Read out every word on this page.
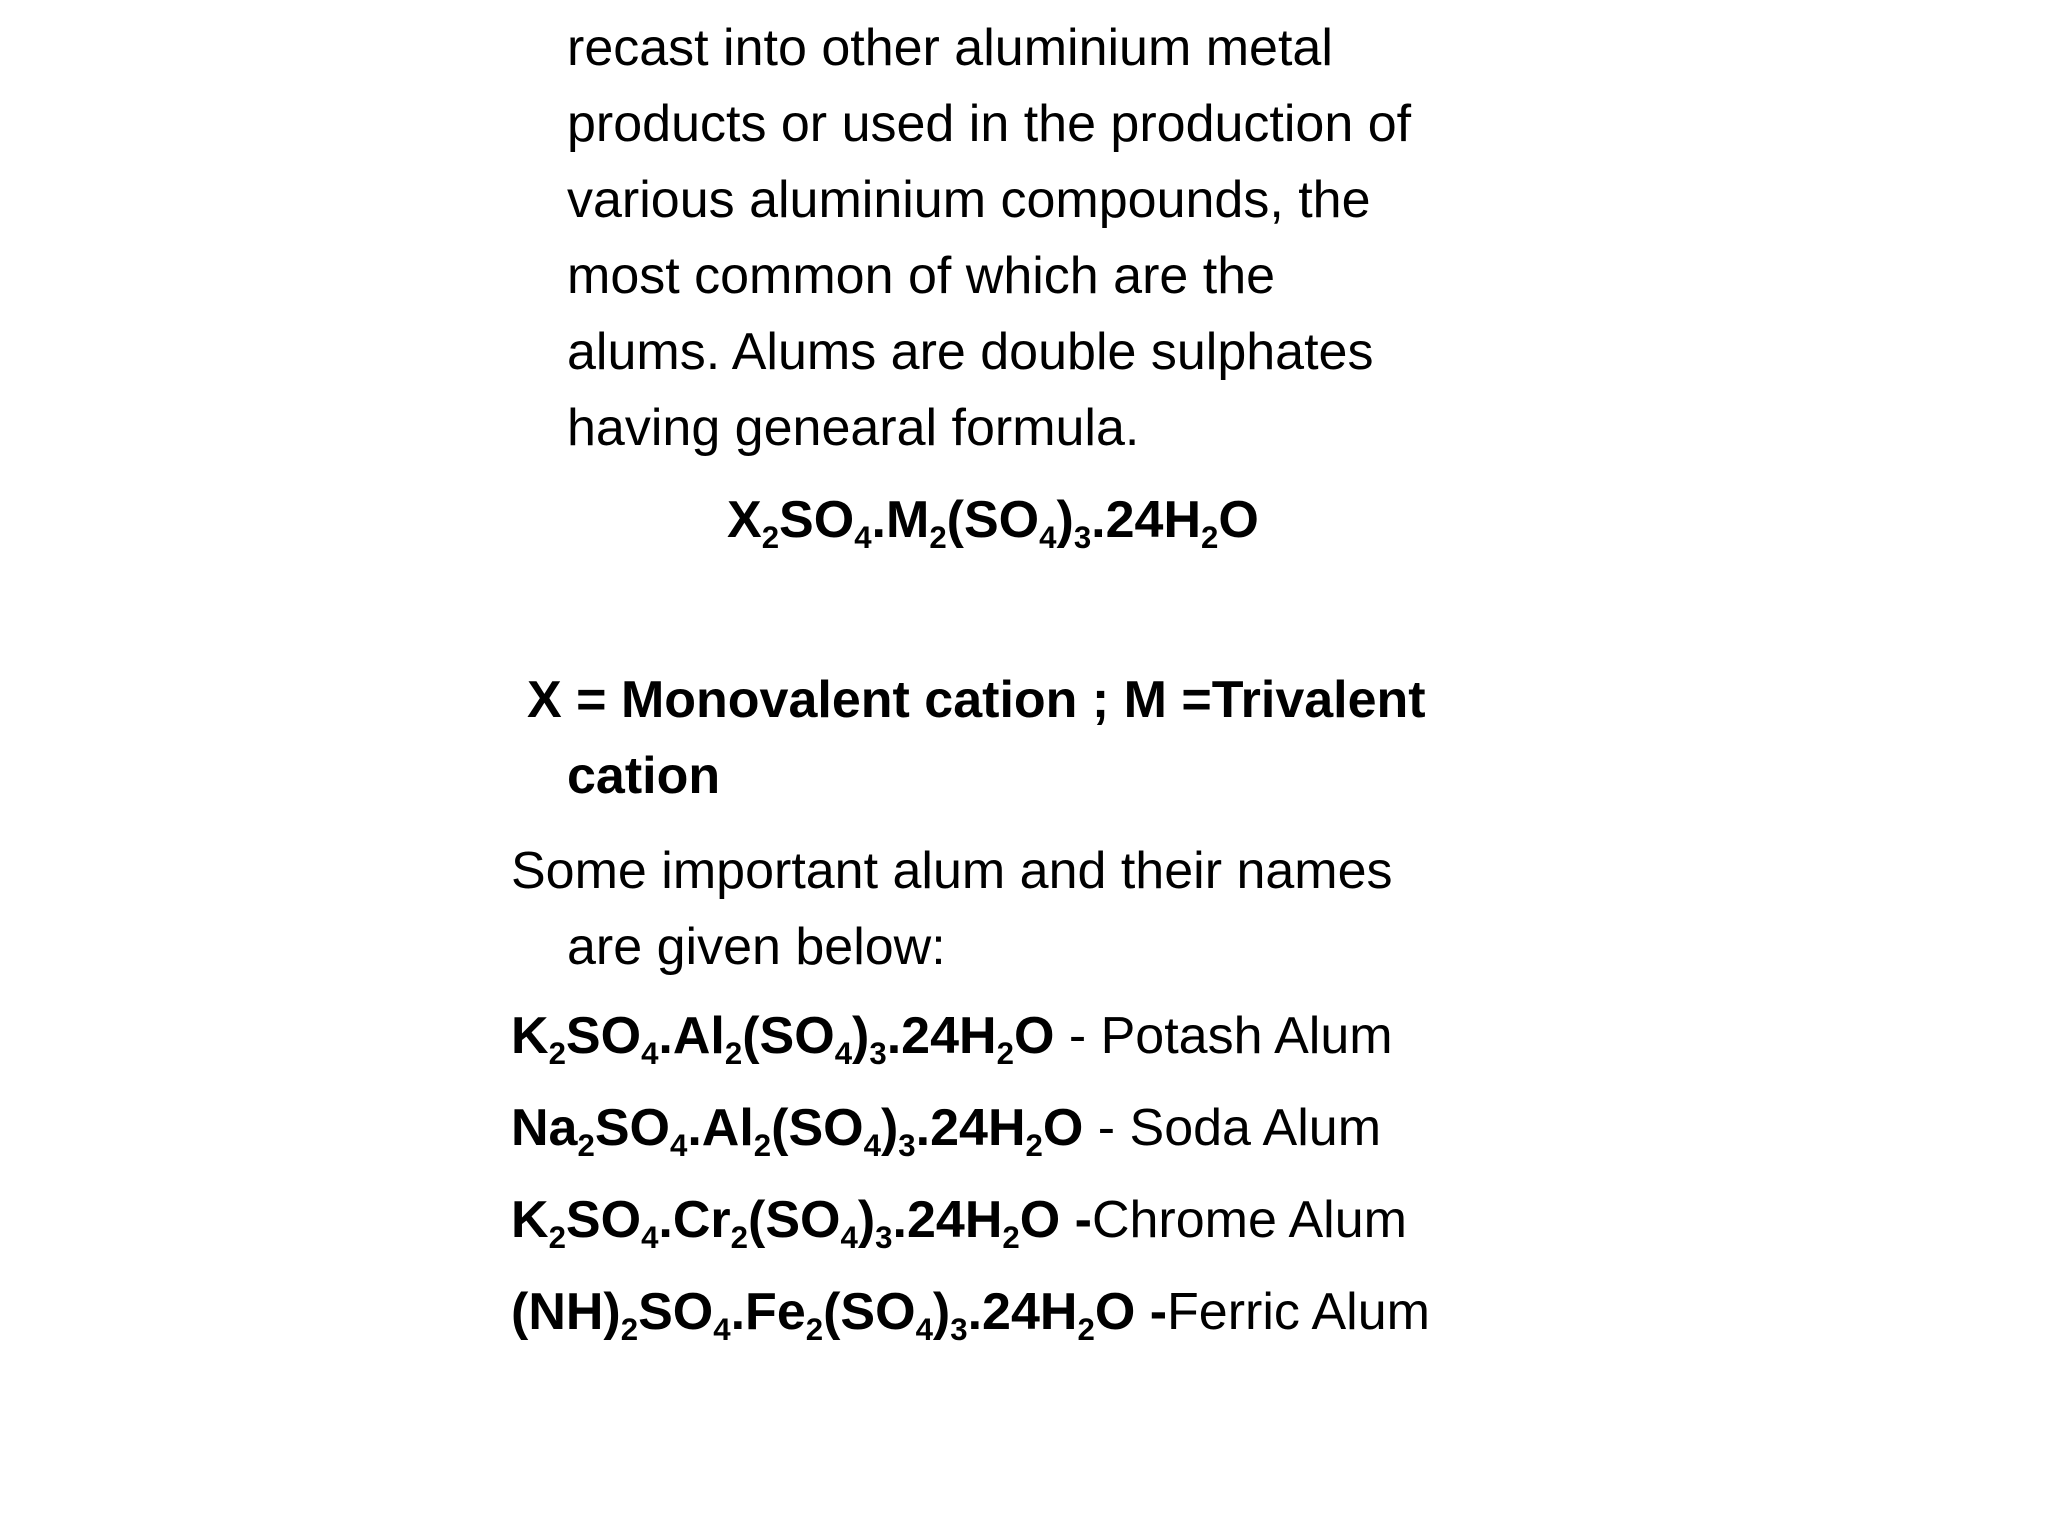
recast into other aluminium metal
products or used in the production of
various aluminium compounds, the
most common of which are the
alums. Alums are double sulphates
having genearal formula.
$X_2SO_4.M_2(SO_4)_3.24H_2O$
X = Monovalent cation ; M =Trivalent
cation
Some important alum and their names
are given below:
$K_2SO_4.Al_2(SO_4)_3.24H_2O$ - Potash Alum
$Na_2SO_4.Al_2(SO_4)_3.24H_2O$ - Soda Alum
$K_2SO_4.Cr_2(SO_4)_3.24H_2O$ -Chrome Alum
$(NH)_2SO_4.Fe_2(SO_4)_3.24H_2O$ -Ferric Alum
